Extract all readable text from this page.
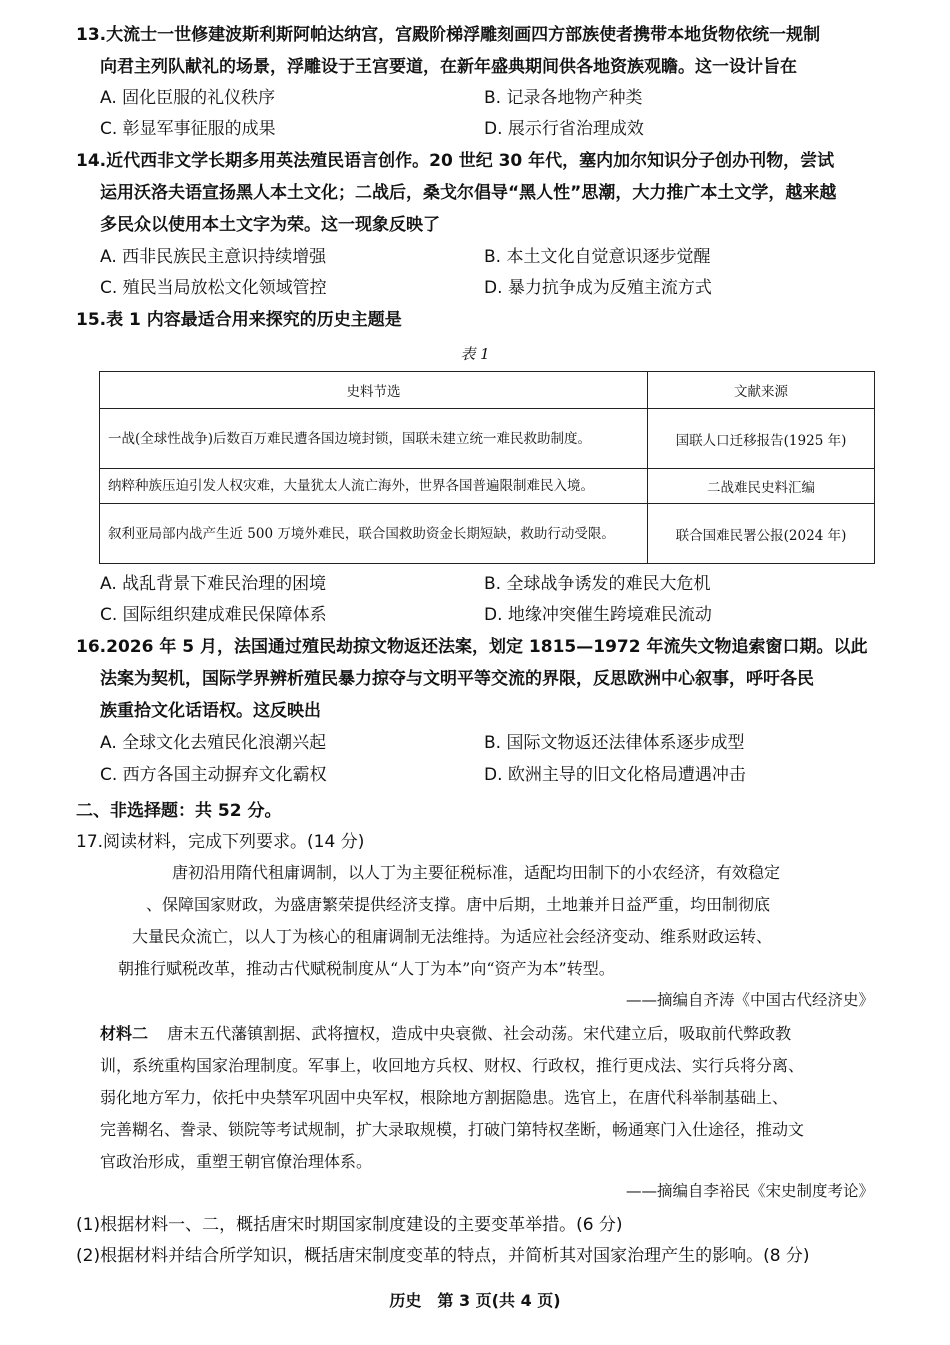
13.大流士一世修建波斯利斯阿帕达纳宫，宫殿阶梯浮雕刻画四方部族使者携带本地货物依统一规制
向君主列队献礼的场景，浮雕设于王宫要道，在新年盛典期间供各地资族观瞻。这一设计旨在
A. 固化臣服的礼仪秩序	B. 记录各地物产种类
C. 彰显军事征服的成果	D. 展示行省治理成效
14.近代西非文学长期多用英法殖民语言创作。20 世纪 30 年代，塞内加尔知识分子创办刊物，尝试
运用沃洛夫语宣扬黑人本土文化；二战后，桑戈尔倡导“黑人性”思潮，大力推广本土文学，越来越
多民众以使用本土文字为荣。这一现象反映了
A. 西非民族民主意识持续增强	B. 本土文化自觉意识逐步觉醒
C. 殖民当局放松文化领域管控	D. 暴力抗争成为反殖主流方式
15.表 1 内容最适合用来探究的历史主题是
表 1
史料节选	文献来源
一战(全球性战争)后数百万难民遭各国边境封锁，国联未建立统一难民救助制度。	国联人口迁移报告(1925 年)
纳粹种族压迫引发人权灾难，大量犹太人流亡海外，世界各国普遍限制难民入境。	二战难民史料汇编
叙利亚局部内战产生近 500 万境外难民，联合国救助资金长期短缺，救助行动受限。	联合国难民署公报(2024 年)
A. 战乱背景下难民治理的困境	B. 全球战争诱发的难民大危机
C. 国际组织建成难民保障体系	D. 地缘冲突催生跨境难民流动
16.2026 年 5 月，法国通过殖民劫掠文物返还法案，划定 1815—1972 年流失文物追索窗口期。以此
法案为契机，国际学界辨析殖民暴力掠夺与文明平等交流的界限，反思欧洲中心叙事，呼吁各民
族重拾文化话语权。这反映出
A. 全球文化去殖民化浪潮兴起	B. 国际文物返还法律体系逐步成型
C. 西方各国主动摒弃文化霸权	D. 欧洲主导的旧文化格局遭遇冲击
二、非选择题：共 52 分。
17.阅读材料，完成下列要求。(14 分)
唐初沿用隋代租庸调制，以人丁为主要征税标准，适配均田制下的小农经济，有效稳定
、保障国家财政，为盛唐繁荣提供经济支撑。唐中后期，土地兼并日益严重，均田制彻底
大量民众流亡，以人丁为核心的租庸调制无法维持。为适应社会经济变动、维系财政运转、
朝推行赋税改革，推动古代赋税制度从“人丁为本”向“资产为本”转型。
——摘编自齐涛《中国古代经济史》
材料二 唐末五代藩镇割据、武将擅权，造成中央衰微、社会动荡。宋代建立后，吸取前代弊政教
训，系统重构国家治理制度。军事上，收回地方兵权、财权、行政权，推行更戍法、实行兵将分离、
弱化地方军力，依托中央禁军巩固中央军权，根除地方割据隐患。选官上，在唐代科举制基础上、
完善糊名、誊录、锁院等考试规制，扩大录取规模，打破门第特权垄断，畅通寒门入仕途径，推动文
官政治形成，重塑王朝官僚治理体系。
——摘编自李裕民《宋史制度考论》
(1)根据材料一、二，概括唐宋时期国家制度建设的主要变革举措。(6 分)
(2)根据材料并结合所学知识，概括唐宋制度变革的特点，并简析其对国家治理产生的影响。(8 分)
历史　第 3 页(共 4 页)
